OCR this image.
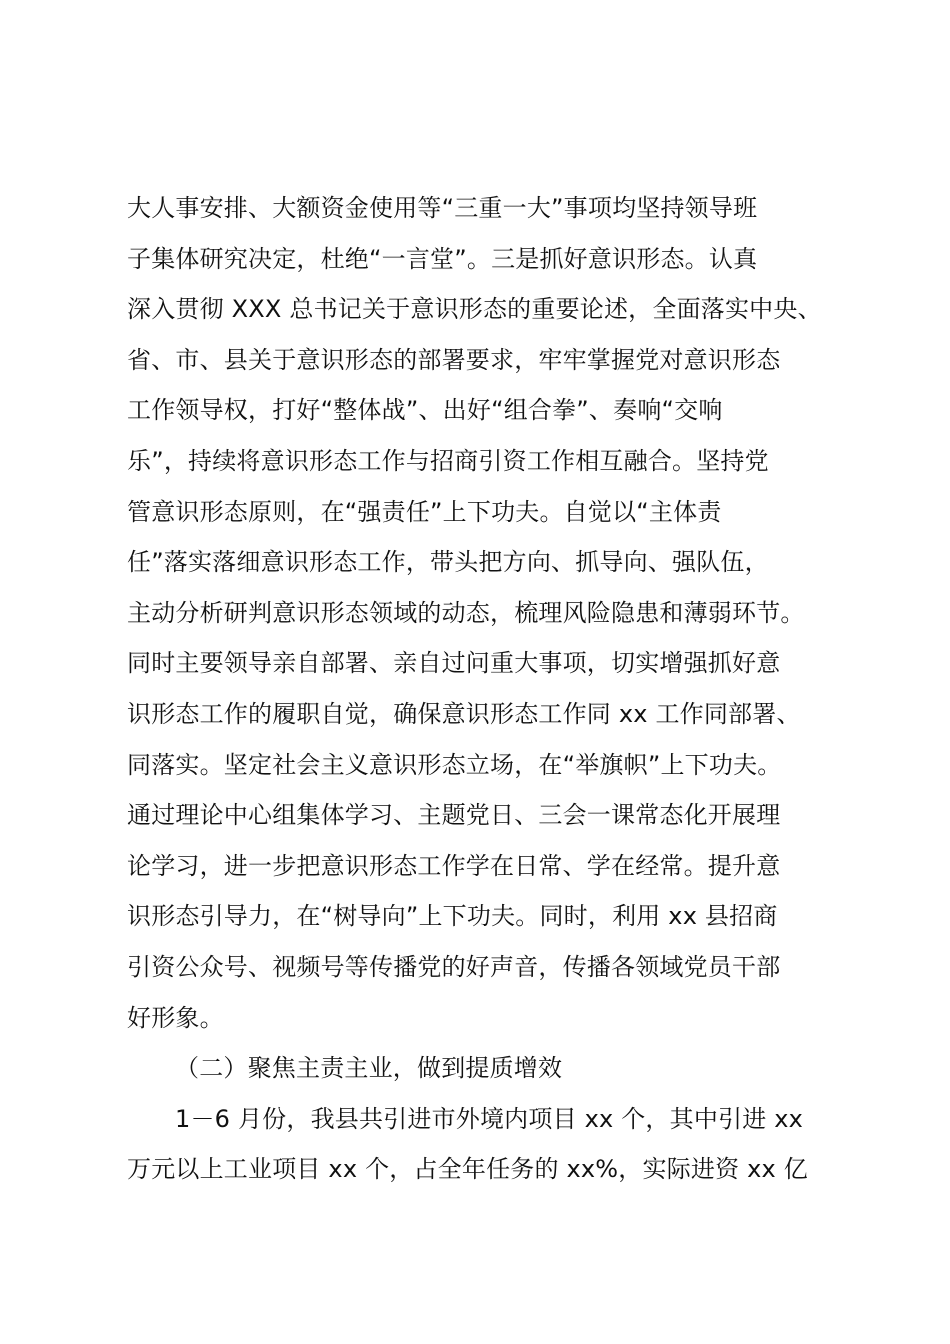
大人事安排、大额资金使用等“三重一大”事项均坚持领导班
子集体研究决定，杜绝“一言堂”。三是抓好意识形态。认真
深入贯彻 XXX 总书记关于意识形态的重要论述，全面落实中央、
省、市、县关于意识形态的部署要求，牢牢掌握党对意识形态
工作领导权，打好“整体战”、出好“组合拳”、奏响“交响
乐”，持续将意识形态工作与招商引资工作相互融合。坚持党
管意识形态原则，在“强责任”上下功夫。自觉以“主体责
任”落实落细意识形态工作，带头把方向、抓导向、强队伍，
主动分析研判意识形态领域的动态，梳理风险隐患和薄弱环节。
同时主要领导亲自部署、亲自过问重大事项，切实增强抓好意
识形态工作的履职自觉，确保意识形态工作同 xx 工作同部署、
同落实。坚定社会主义意识形态立场，在“举旗帜”上下功夫。
通过理论中心组集体学习、主题党日、三会一课常态化开展理
论学习，进一步把意识形态工作学在日常、学在经常。提升意
识形态引导力，在“树导向”上下功夫。同时，利用 xx 县招商
引资公众号、视频号等传播党的好声音，传播各领域党员干部
好形象。
（二）聚焦主责主业，做到提质增效
1－6 月份，我县共引进市外境内项目 xx 个，其中引进 xx
万元以上工业项目 xx 个，占全年任务的 xx%，实际进资 xx 亿
